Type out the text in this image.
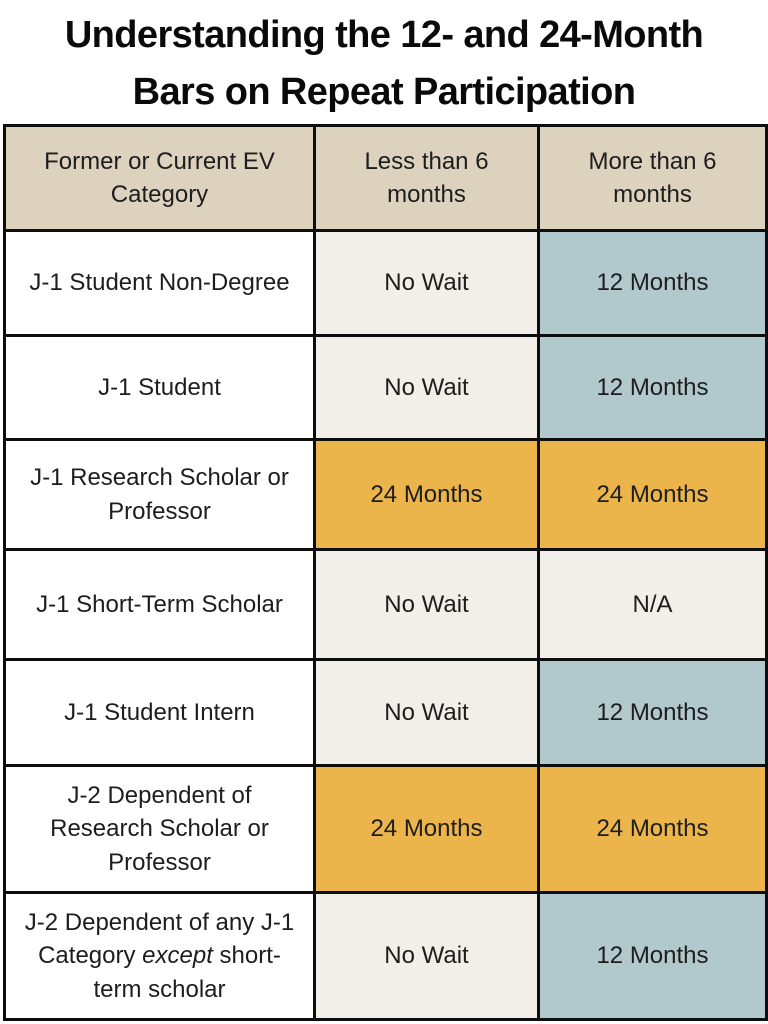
Understanding the 12- and 24-Month
Bars on Repeat Participation
Former or Current EV Category	Less than 6 months	More than 6 months
J-1 Student Non-Degree	No Wait	12 Months
J-1 Student	No Wait	12 Months
J-1 Research Scholar or Professor	24 Months	24 Months
J-1 Short-Term Scholar	No Wait	N/A
J-1 Student Intern	No Wait	12 Months
J-2 Dependent of Research Scholar or Professor	24 Months	24 Months
J-2 Dependent of any J-1 Category except short-term scholar	No Wait	12 Months
